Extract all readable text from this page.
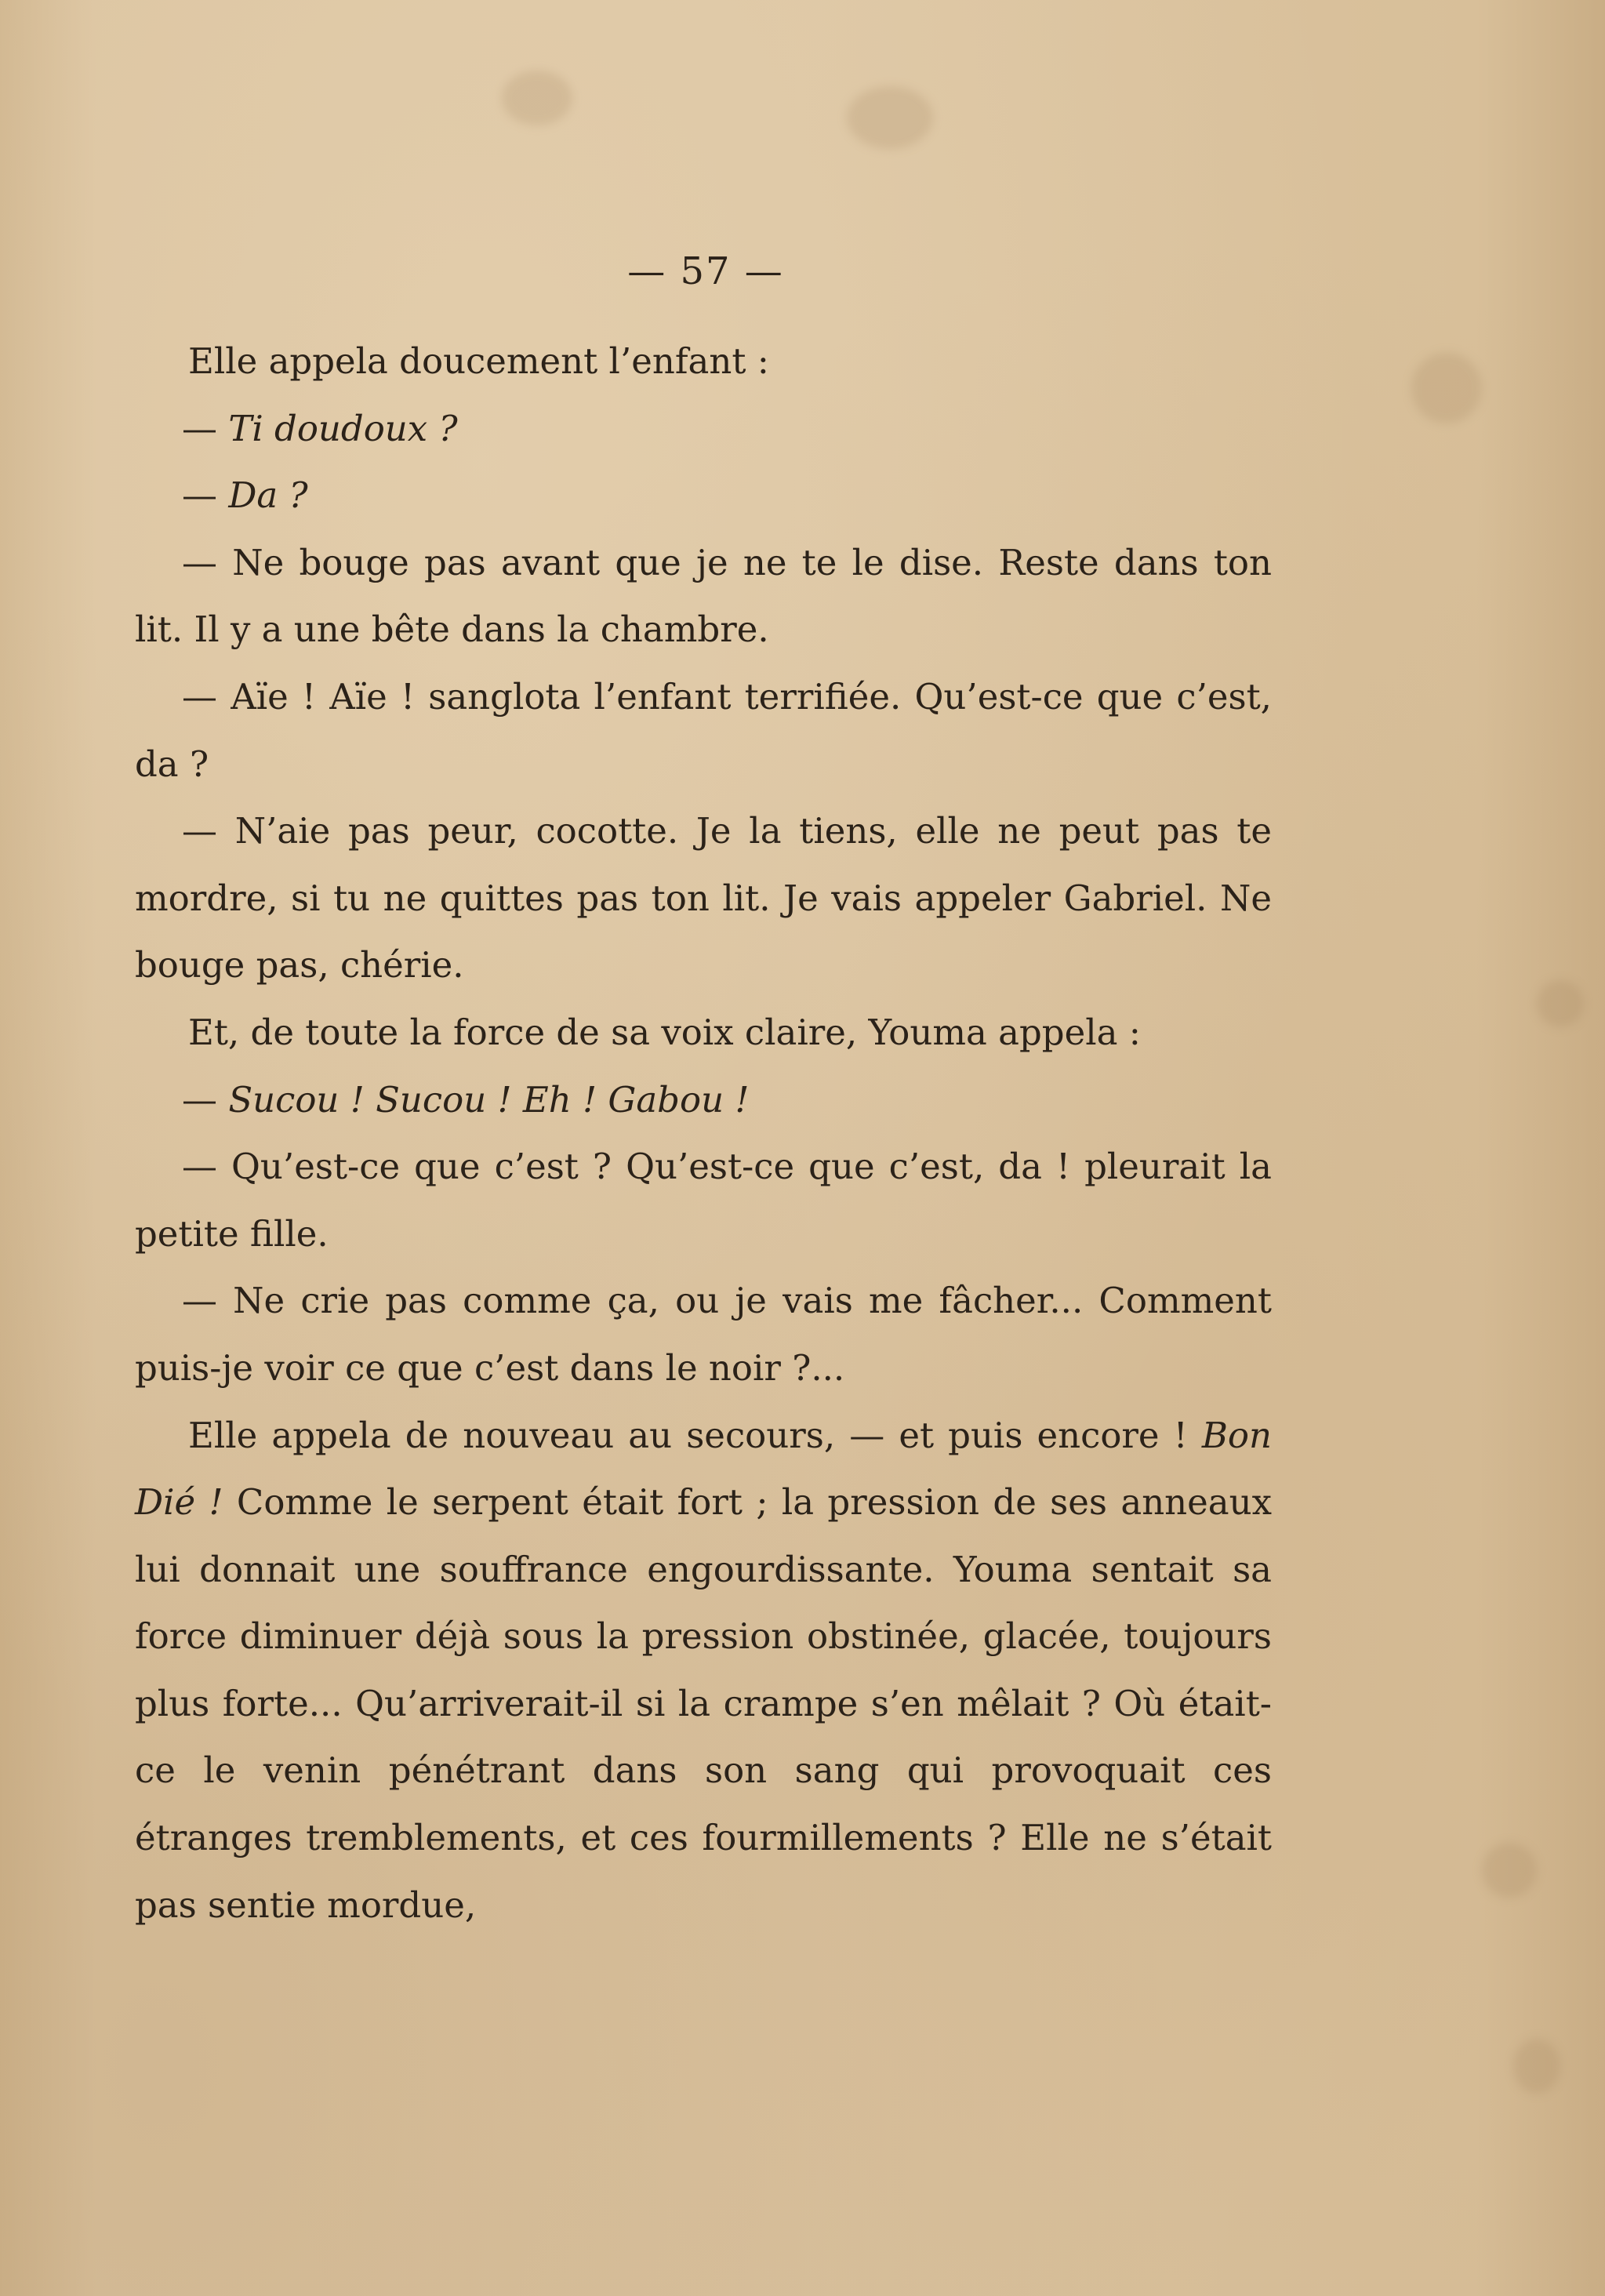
— 57 —

Elle appela doucement l’enfant :

— Ti doudoux ?

— Da ?

— Ne bouge pas avant que je ne te le dise. Reste dans ton lit. Il y a une bête dans la chambre.

— Aïe ! Aïe ! sanglota l’enfant terrifiée. Qu’est-ce que c’est, da ?

— N’aie pas peur, cocotte. Je la tiens, elle ne peut pas te mordre, si tu ne quittes pas ton lit. Je vais appeler Gabriel. Ne bouge pas, chérie.

Et, de toute la force de sa voix claire, Youma appela :

— Sucou ! Sucou ! Eh ! Gabou !

— Qu’est-ce que c’est ? Qu’est-ce que c’est, da ! pleurait la petite fille.

— Ne crie pas comme ça, ou je vais me fâcher... Comment puis-je voir ce que c’est dans le noir ?...

Elle appela de nouveau au secours, — et puis encore ! Bon Dié ! Comme le serpent était fort ; la pression de ses anneaux lui donnait une souffrance engourdissante. Youma sentait sa force diminuer déjà sous la pression obstinée, glacée, toujours plus forte... Qu’arriverait-il si la crampe s’en mêlait ? Où était-ce le venin pénétrant dans son sang qui provoquait ces étranges tremblements, et ces fourmillements ? Elle ne s’était pas sentie mordue,
